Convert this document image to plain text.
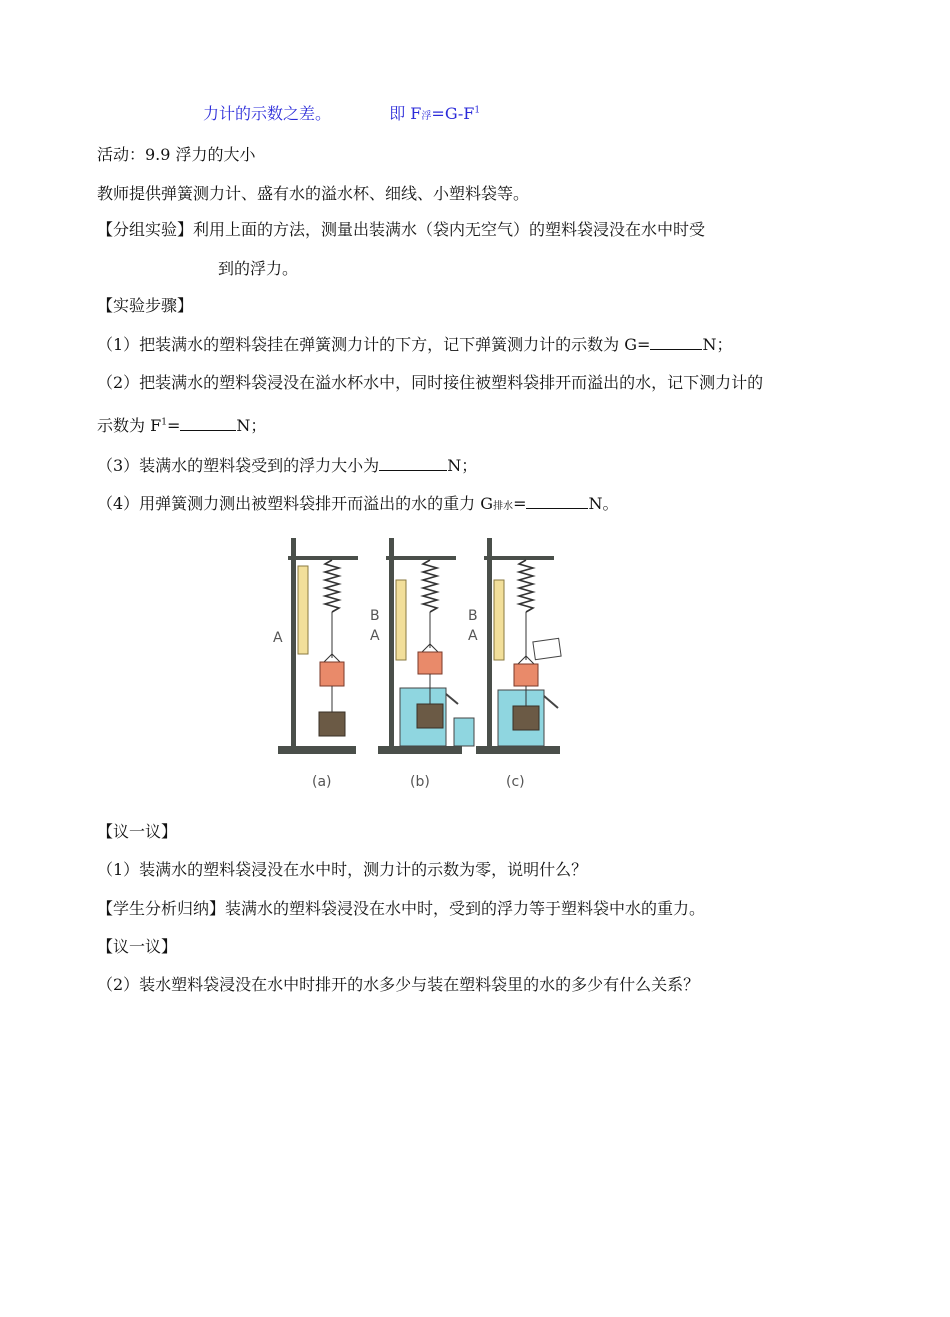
力计的示数之差。	即 F浮$=G-F^1$
活动：9.9 浮力的大小
教师提供弹簧测力计、盛有水的溢水杯、细线、小塑料袋等。
【分组实验】利用上面的方法，测量出装满水（袋内无空气）的塑料袋浸没在水中时受
到的浮力。
【实验步骤】
（1）把装满水的塑料袋挂在弹簧测力计的下方，记下弹簧测力计的示数为 G=	N；
（2）把装满水的塑料袋浸没在溢水杯水中，同时接住被塑料袋排开而溢出的水，记下测力计的
示数为 $F^1=$	N；
（3）装满水的塑料袋受到的浮力大小为	N；
（4）用弹簧测力测出被塑料袋排开而溢出的水的重力 G排水=	N。
A
B
A
B
A
(a)	(b)	(c)
【议一议】
（1）装满水的塑料袋浸没在水中时，测力计的示数为零，说明什么？
【学生分析归纳】装满水的塑料袋浸没在水中时，受到的浮力等于塑料袋中水的重力。
【议一议】
（2）装水塑料袋浸没在水中时排开的水多少与装在塑料袋里的水的多少有什么关系？
